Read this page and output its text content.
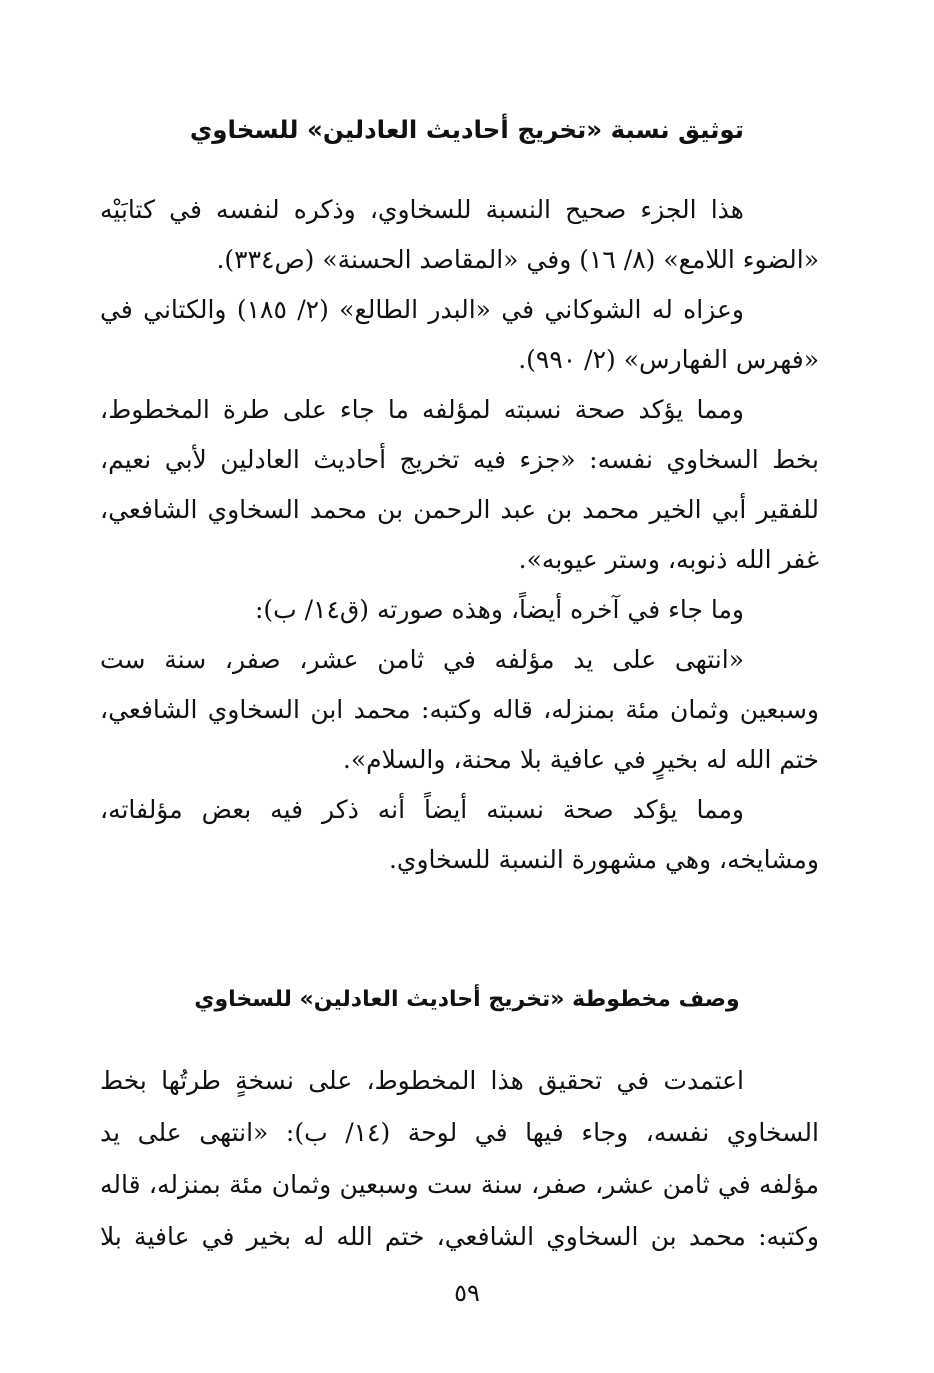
توثيق نسبة «تخريج أحاديث العادلين» للسخاوي
هذا الجزء صحيح النسبة للسخاوي، وذكره لنفسه في كتابَيْه
«الضوء اللامع» (٨/ ١٦) وفي «المقاصد الحسنة» (ص٣٣٤).
وعزاه له الشوكاني في «البدر الطالع» (٢/ ١٨٥) والكتاني في
«فهرس الفهارس» (٢/ ٩٩٠).
ومما يؤكد صحة نسبته لمؤلفه ما جاء على طرة المخطوط،
بخط السخاوي نفسه: «جزء فيه تخريج أحاديث العادلين لأبي نعيم،
للفقير أبي الخير محمد بن عبد الرحمن بن محمد السخاوي الشافعي،
غفر الله ذنوبه، وستر عيوبه».
وما جاء في آخره أيضاً، وهذه صورته (ق١٤/ ب):
«انتهى على يد مؤلفه في ثامن عشر، صفر، سنة ست
وسبعين وثمان مئة بمنزله، قاله وكتبه: محمد ابن السخاوي الشافعي،
ختم الله له بخيرٍ في عافية بلا محنة، والسلام».
ومما يؤكد صحة نسبته أيضاً أنه ذكر فيه بعض مؤلفاته،
ومشايخه، وهي مشهورة النسبة للسخاوي.
وصف مخطوطة «تخريج أحاديث العادلين» للسخاوي
اعتمدت في تحقيق هذا المخطوط، على نسخةٍ طرتُها بخط
السخاوي نفسه، وجاء فيها في لوحة (١٤/ ب): «انتهى على يد
مؤلفه في ثامن عشر، صفر، سنة ست وسبعين وثمان مئة بمنزله، قاله
وكتبه: محمد بن السخاوي الشافعي، ختم الله له بخير في عافية بلا
٥٩
